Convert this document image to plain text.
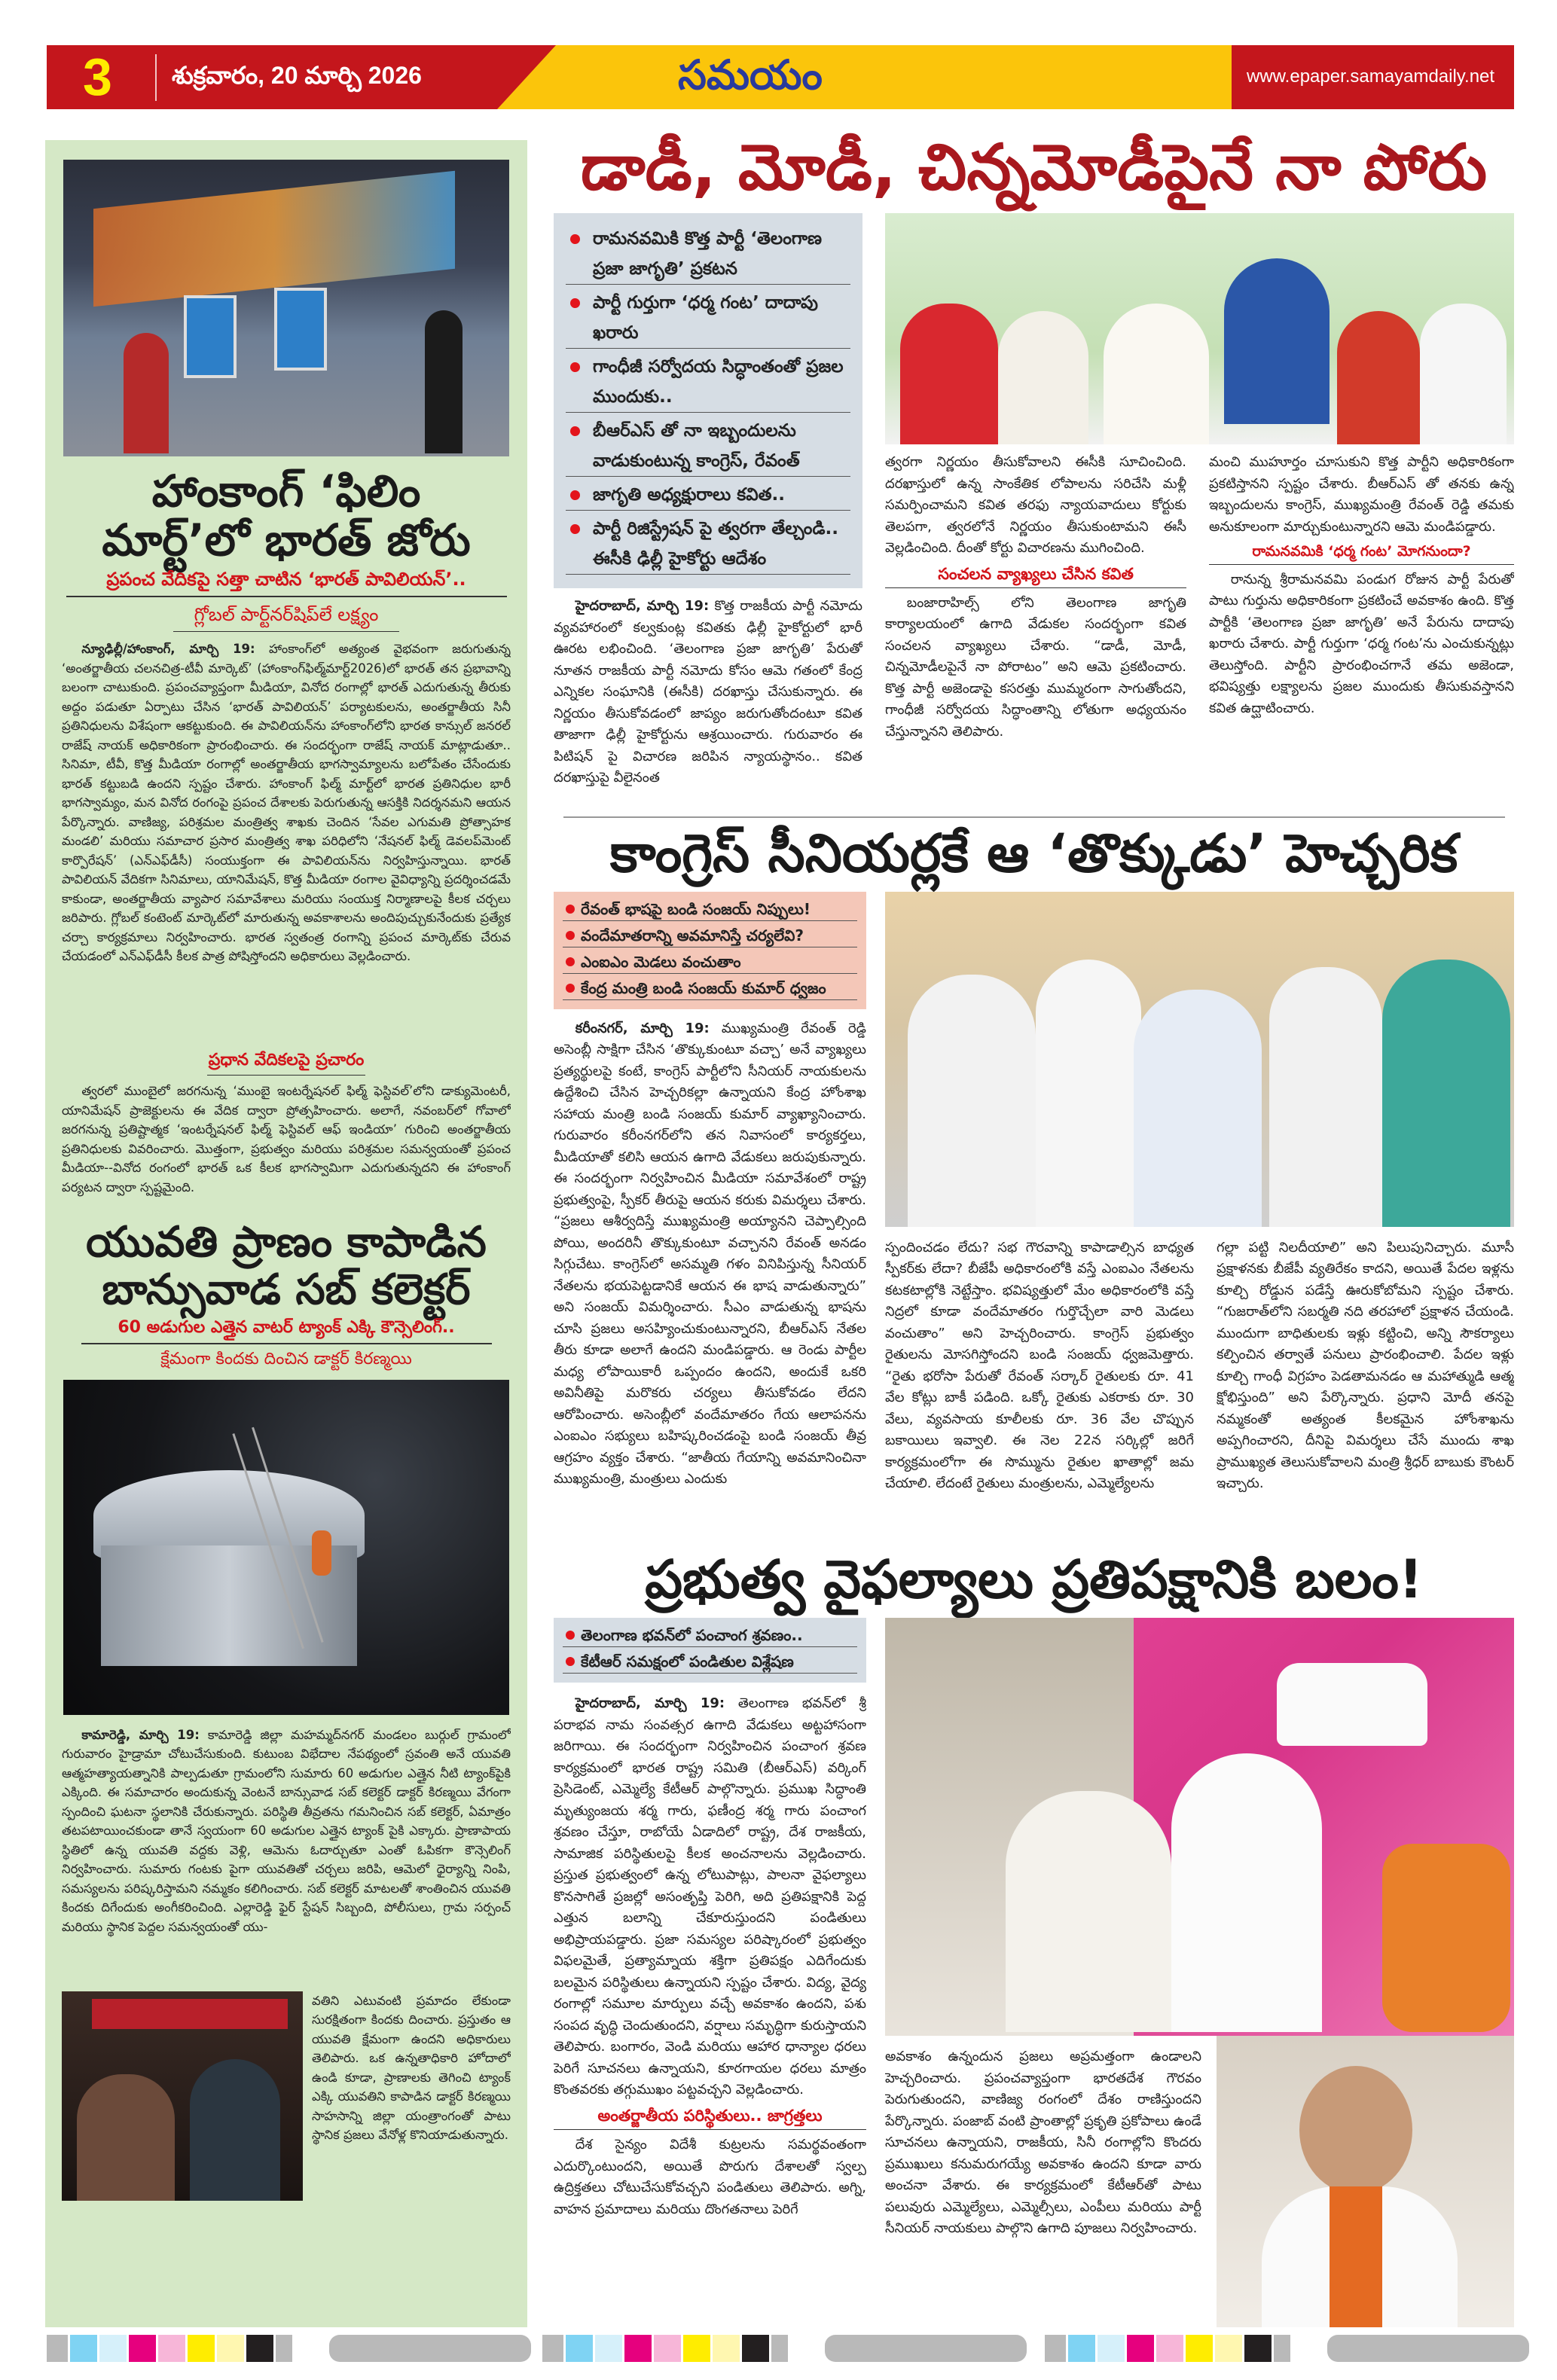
3 శుక్రవారం, 20 మార్చి 2026	సమయం	www.epaper.samayamdaily.net
హాంకాంగ్ ‘ఫిలిం
మార్ట్’లో భారత్ జోరు
ప్రపంచ వేదికపై సత్తా చాటిన ‘భారత్ పావిలియన్’..
గ్లోబల్ పార్ట్‌నర్‌షిప్‌లే లక్ష్యం

న్యూఢిల్లీ/హాంకాంగ్, మార్చి 19: హాంకాంగ్‌లో అత్యంత వైభవంగా జరుగుతున్న ‘అంతర్జాతీయ చలనచిత్ర-టీవీ మార్కెట్’ (హాంకాంగ్‌ఫిల్మ్‌మార్ట్2026)లో భారత్ తన ప్రభావాన్ని బలంగా చాటుకుంది. ప్రపంచవ్యాప్తంగా మీడియా, వినోద రంగాల్లో భారత్ ఎదుగుతున్న తీరుకు అద్దం పడుతూ ఏర్పాటు చేసిన ‘భారత్ పావిలియన్’ పర్యాటకులను, అంతర్జాతీయ సినీ ప్రతినిధులను విశేషంగా ఆకట్టుకుంది. ఈ పావిలియన్‌ను హాంకాంగ్‌లోని భారత కాన్సుల్ జనరల్ రాజేష్ నాయక్ అధికారికంగా ప్రారంభించారు. ఈ సందర్భంగా రాజేష్ నాయక్ మాట్లాడుతూ.. సినిమా, టీవీ, కొత్త మీడియా రంగాల్లో అంతర్జాతీయ భాగస్వామ్యాలను బలోపేతం చేసేందుకు భారత్ కట్టుబడి ఉందని స్పష్టం చేశారు. హాంకాంగ్ ఫిల్మ్ మార్ట్‌లో భారత ప్రతినిధుల భారీ భాగస్వామ్యం, మన వినోద రంగంపై ప్రపంచ దేశాలకు పెరుగుతున్న ఆసక్తికి నిదర్శనమని ఆయన పేర్కొన్నారు. వాణిజ్య, పరిశ్రమల మంత్రిత్వ శాఖకు చెందిన ‘సేవల ఎగుమతి ప్రోత్సాహక మండలి’ మరియు సమాచార ప్రసార మంత్రిత్వ శాఖ పరిధిలోని ‘నేషనల్ ఫిల్మ్ డెవలప్‌మెంట్ కార్పొరేషన్’ (ఎన్ఎఫ్‌డీసీ) సంయుక్తంగా ఈ పావిలియన్‌ను నిర్వహిస్తున్నాయి. భారత్ పావిలియన్ వేదికగా సినిమాలు, యానిమేషన్, కొత్త మీడియా రంగాల వైవిధ్యాన్ని ప్రదర్శించడమే కాకుండా, అంతర్జాతీయ వ్యాపార సమావేశాలు మరియు సంయుక్త నిర్మాణాలపై కీలక చర్చలు జరిపారు. గ్లోబల్ కంటెంట్ మార్కెట్‌లో మారుతున్న అవకాశాలను అందిపుచ్చుకునేందుకు ప్రత్యేక చర్చా కార్యక్రమాలు నిర్వహించారు. భారత స్వతంత్ర రంగాన్ని ప్రపంచ మార్కెట్‌కు చేరువ చేయడంలో ఎన్ఎఫ్‌డీసీ కీలక పాత్ర పోషిస్తోందని అధికారులు వెల్లడించారు.

ప్రధాన వేదికలపై ప్రచారం

త్వరలో ముంబైలో జరగనున్న ‘ముంబై ఇంటర్నేషనల్ ఫిల్మ్ ఫెస్టివల్’లోని డాక్యుమెంటరీ, యానిమేషన్ ప్రాజెక్టులను ఈ వేదిక ద్వారా ప్రోత్సహించారు. అలాగే, నవంబర్‌లో గోవాలో జరగనున్న ప్రతిష్టాత్మక ‘ఇంటర్నేషనల్ ఫిల్మ్ ఫెస్టివల్ ఆఫ్ ఇండియా’ గురించి అంతర్జాతీయ ప్రతినిధులకు వివరించారు. మొత్తంగా, ప్రభుత్వం మరియు పరిశ్రమల సమన్వయంతో ప్రపంచ మీడియా--వినోద రంగంలో భారత్ ఒక కీలక భాగస్వామిగా ఎదుగుతున్నదని ఈ హాంకాంగ్ పర్యటన ద్వారా స్పష్టమైంది.

యువతి ప్రాణం కాపాడిన
బాన్సువాడ సబ్ కలెక్టర్
60 అడుగుల ఎత్తైన వాటర్ ట్యాంక్ ఎక్కి కౌన్సెలింగ్..
క్షేమంగా కిందకు దించిన డాక్టర్ కిరణ్మయి

కామారెడ్డి, మార్చి 19: కామారెడ్డి జిల్లా మహమ్మద్‌నగర్ మండలం బుర్గుల్ గ్రామంలో గురువారం హైడ్రామా చోటుచేసుకుంది. కుటుంబ విభేదాల నేపథ్యంలో స్రవంతి అనే యువతి ఆత్మహత్యాయత్నానికి పాల్పడుతూ గ్రామంలోని సుమారు 60 అడుగుల ఎత్తైన నీటి ట్యాంక్‌పైకి ఎక్కింది. ఈ సమాచారం అందుకున్న వెంటనే బాన్సువాడ సబ్ కలెక్టర్ డాక్టర్ కిరణ్మయి వేగంగా స్పందించి ఘటనా స్థలానికి చేరుకున్నారు. పరిస్థితి తీవ్రతను గమనించిన సబ్ కలెక్టర్, ఏమాత్రం తటపటాయించకుండా తానే స్వయంగా 60 అడుగుల ఎత్తైన ట్యాంక్ పైకి ఎక్కారు. ప్రాణాపాయ స్థితిలో ఉన్న యువతి వద్దకు వెళ్లి, ఆమెను ఓదార్చుతూ ఎంతో ఓపికగా కౌన్సెలింగ్ నిర్వహించారు. సుమారు గంటకు పైగా యువతితో చర్చలు జరిపి, ఆమెలో ధైర్యాన్ని నింపి, సమస్యలను పరిష్కరిస్తామని నమ్మకం కలిగించారు. సబ్ కలెక్టర్ మాటలతో శాంతించిన యువతి కిందకు దిగేందుకు అంగీకరించింది. ఎల్లారెడ్డి ఫైర్ స్టేషన్ సిబ్బంది, పోలీసులు, గ్రామ సర్పంచ్ మరియు స్థానిక పెద్దల సమన్వయంతో యు-

వతిని ఎటువంటి ప్రమాదం లేకుండా సురక్షితంగా కిందకు దించారు. ప్రస్తుతం ఆ యువతి క్షేమంగా ఉందని అధికారులు తెలిపారు. ఒక ఉన్నతాధికారి హోదాలో ఉండి కూడా, ప్రాణాలకు తెగించి ట్యాంక్ ఎక్కి యువతిని కాపాడిన డాక్టర్ కిరణ్మయి సాహసాన్ని జిల్లా యంత్రాంగంతో పాటు స్థానిక ప్రజలు వేనోళ్ల కొనియాడుతున్నారు.

డాడీ, మోడీ, చిన్నమోడీపైనే నా పోరు
రామనవమికి కొత్త పార్టీ ‘తెలంగాణ ప్రజా జాగృతి’ ప్రకటన
పార్టీ గుర్తుగా ‘ధర్మ గంట’ దాదాపు ఖరారు
గాంధీజీ సర్వోదయ సిద్ధాంతంతో ప్రజల ముందుకు..
బీఆర్ఎస్ తో నా ఇబ్బందులను వాడుకుంటున్న కాంగ్రెస్, రేవంత్
జాగృతి అధ్యక్షురాలు కవిత..
పార్టీ రిజిస్ట్రేషన్ పై త్వరగా తేల్చండి.. ఈసీకి ఢిల్లీ హైకోర్టు ఆదేశం

హైదరాబాద్, మార్చి 19: కొత్త రాజకీయ పార్టీ నమోదు వ్యవహారంలో కల్వకుంట్ల కవితకు ఢిల్లీ హైకోర్టులో భారీ ఊరట లభించింది. ‘తెలంగాణ ప్రజా జాగృతి’ పేరుతో నూతన రాజకీయ పార్టీ నమోదు కోసం ఆమె గతంలో కేంద్ర ఎన్నికల సంఘానికి (ఈసీకి) దరఖాస్తు చేసుకున్నారు. ఈ నిర్ణయం తీసుకోవడంలో జాప్యం జరుగుతోందంటూ కవిత తాజాగా ఢిల్లీ హైకోర్టును ఆశ్రయించారు. గురువారం ఈ పిటిషన్ పై విచారణ జరిపిన న్యాయస్థానం.. కవిత దరఖాస్తుపై వీలైనంత

త్వరగా నిర్ణయం తీసుకోవాలని ఈసీకి సూచించింది. దరఖాస్తులో ఉన్న సాంకేతిక లోపాలను సరిచేసి మళ్లీ సమర్పించామని కవిత తరఫు న్యాయవాదులు కోర్టుకు తెలపగా, త్వరలోనే నిర్ణయం తీసుకుంటామని ఈసీ వెల్లడించింది. దీంతో కోర్టు విచారణను ముగించింది.

సంచలన వ్యాఖ్యలు చేసిన కవిత

బంజారాహిల్స్ లోని తెలంగాణ జాగృతి కార్యాలయంలో ఉగాది వేడుకల సందర్భంగా కవిత సంచలన వ్యాఖ్యలు చేశారు. “డాడీ, మోడీ, చిన్నమోడీలపైనే నా పోరాటం” అని ఆమె ప్రకటించారు. కొత్త పార్టీ అజెండాపై కసరత్తు ముమ్మరంగా సాగుతోందని, గాంధీజీ సర్వోదయ సిద్ధాంతాన్ని లోతుగా అధ్యయనం చేస్తున్నానని తెలిపారు.

మంచి ముహూర్తం చూసుకుని కొత్త పార్టీని అధికారికంగా ప్రకటిస్తానని స్పష్టం చేశారు. బీఆర్ఎస్ తో తనకు ఉన్న ఇబ్బందులను కాంగ్రెస్, ముఖ్యమంత్రి రేవంత్ రెడ్డి తమకు అనుకూలంగా మార్చుకుంటున్నారని ఆమె మండిపడ్డారు.

రామనవమికి ‘ధర్మ గంట’ మోగనుందా?

రానున్న శ్రీరామనవమి పండుగ రోజున పార్టీ పేరుతో పాటు గుర్తును అధికారికంగా ప్రకటించే అవకాశం ఉంది. కొత్త పార్టీకి ‘తెలంగాణ ప్రజా జాగృతి’ అనే పేరును దాదాపు ఖరారు చేశారు. పార్టీ గుర్తుగా ‘ధర్మ గంట’ను ఎంచుకున్నట్లు తెలుస్తోంది. పార్టీని ప్రారంభించగానే తమ అజెండా, భవిష్యత్తు లక్ష్యాలను ప్రజల ముందుకు తీసుకువస్తానని కవిత ఉద్ఘాటించారు.

కాంగ్రెస్ సీనియర్లకే ఆ ‘తొక్కుడు’ హెచ్చరిక
రేవంత్ భాషపై బండి సంజయ్ నిప్పులు!
వందేమాతరాన్ని అవమానిస్తే చర్యలేవి?
ఎంఐఎం మెడలు వంచుతాం
కేంద్ర మంత్రి బండి సంజయ్ కుమార్ ధ్వజం

కరీంనగర్, మార్చి 19: ముఖ్యమంత్రి రేవంత్ రెడ్డి అసెంబ్లీ సాక్షిగా చేసిన ‘తొక్కుకుంటూ వచ్చా’ అనే వ్యాఖ్యలు ప్రత్యర్థులపై కంటే, కాంగ్రెస్ పార్టీలోని సీనియర్ నాయకులను ఉద్దేశించి చేసిన హెచ్చరికల్లా ఉన్నాయని కేంద్ర హోంశాఖ సహాయ మంత్రి బండి సంజయ్ కుమార్ వ్యాఖ్యానించారు. గురువారం కరీంనగర్‌లోని తన నివాసంలో కార్యకర్తలు, మీడియాతో కలిసి ఆయన ఉగాది వేడుకలు జరుపుకున్నారు. ఈ సందర్భంగా నిర్వహించిన మీడియా సమావేశంలో రాష్ట్ర ప్రభుత్వంపై, స్పీకర్ తీరుపై ఆయన కరుకు విమర్శలు చేశారు. “ప్రజలు ఆశీర్వదిస్తే ముఖ్యమంత్రి అయ్యానని చెప్పాల్సింది పోయి, అందరినీ తొక్కుకుంటూ వచ్చానని రేవంత్ అనడం సిగ్గుచేటు. కాంగ్రెస్‌లో అసమ్మతి గళం వినిపిస్తున్న సీనియర్ నేతలను భయపెట్టడానికే ఆయన ఈ భాష వాడుతున్నారు” అని సంజయ్ విమర్శించారు. సీఎం వాడుతున్న భాషను చూసి ప్రజలు అసహ్యించుకుంటున్నారని, బీఆర్ఎస్ నేతల తీరు కూడా అలాగే ఉందని మండిపడ్డారు. ఆ రెండు పార్టీల మధ్య లోపాయికారీ ఒప్పందం ఉందని, అందుకే ఒకరి అవినీతిపై మరొకరు చర్యలు తీసుకోవడం లేదని ఆరోపించారు. అసెంబ్లీలో వందేమాతరం గేయ ఆలాపనను ఎంఐఎం సభ్యులు బహిష్కరించడంపై బండి సంజయ్ తీవ్ర ఆగ్రహం వ్యక్తం చేశారు. “జాతీయ గేయాన్ని అవమానించినా ముఖ్యమంత్రి, మంత్రులు ఎందుకు

స్పందించడం లేదు? సభ గౌరవాన్ని కాపాడాల్సిన బాధ్యత స్పీకర్‌కు లేదా? బీజేపీ అధికారంలోకి వస్తే ఎంఐఎం నేతలను కటకటాల్లోకి నెట్టేస్తాం. భవిష్యత్తులో మేం అధికారంలోకి వస్తే నిద్రలో కూడా వందేమాతరం గుర్తొచ్చేలా వారి మెడలు వంచుతాం” అని హెచ్చరించారు. కాంగ్రెస్ ప్రభుత్వం రైతులను మోసగిస్తోందని బండి సంజయ్ ధ్వజమెత్తారు. “రైతు భరోసా పేరుతో రేవంత్ సర్కార్ రైతులకు రూ. 41 వేల కోట్లు బాకీ పడింది. ఒక్కో రైతుకు ఎకరాకు రూ. 30 వేలు, వ్యవసాయ కూలీలకు రూ. 36 వేల చొప్పున బకాయిలు ఇవ్వాలి. ఈ నెల 22న సర్కిల్లో జరిగే కార్యక్రమంలోగా ఈ సొమ్మును రైతుల ఖాతాల్లో జమ చేయాలి. లేదంటే రైతులు మంత్రులను, ఎమ్మెల్యేలను

గల్లా పట్టి నిలదీయాలి” అని పిలుపునిచ్చారు. మూసీ ప్రక్షాళనకు బీజేపీ వ్యతిరేకం కాదని, అయితే పేదల ఇళ్లను కూల్చి రోడ్డున పడేస్తే ఊరుకోబోమని స్పష్టం చేశారు. “గుజరాత్‌లోని సబర్మతి నది తరహాలో ప్రక్షాళన చేయండి. ముందుగా బాధితులకు ఇళ్లు కట్టించి, అన్ని సౌకర్యాలు కల్పించిన తర్వాతే పనులు ప్రారంభించాలి. పేదల ఇళ్లు కూల్చి గాంధీ విగ్రహం పెడతామనడం ఆ మహాత్ముడి ఆత్మ క్షోభిస్తుంది” అని పేర్కొన్నారు. ప్రధాని మోదీ తనపై నమ్మకంతో అత్యంత కీలకమైన హోంశాఖను అప్పగించారని, దీనిపై విమర్శలు చేసే ముందు శాఖ ప్రాముఖ్యత తెలుసుకోవాలని మంత్రి శ్రీధర్ బాబుకు కౌంటర్ ఇచ్చారు.

ప్రభుత్వ వైఫల్యాలు ప్రతిపక్షానికి బలం!
తెలంగాణ భవన్‌లో పంచాంగ శ్రవణం..
కేటీఆర్ సమక్షంలో పండితుల విశ్లేషణ

హైదరాబాద్, మార్చి 19: తెలంగాణ భవన్‌లో శ్రీ పరాభవ నామ సంవత్సర ఉగాది వేడుకలు అట్టహాసంగా జరిగాయి. ఈ సందర్భంగా నిర్వహించిన పంచాంగ శ్రవణ కార్యక్రమంలో భారత రాష్ట్ర సమితి (బీఆర్ఎస్) వర్కింగ్ ప్రెసిడెంట్, ఎమ్మెల్యే కేటీఆర్ పాల్గొన్నారు. ప్రముఖ సిద్ధాంతి మృత్యుంజయ శర్మ గారు, ఫణీంద్ర శర్మ గారు పంచాంగ శ్రవణం చేస్తూ, రాబోయే ఏడాదిలో రాష్ట్ర, దేశ రాజకీయ, సామాజిక పరిస్థితులపై కీలక అంచనాలను వెల్లడించారు. ప్రస్తుత ప్రభుత్వంలో ఉన్న లోటుపాట్లు, పాలనా వైఫల్యాలు కొనసాగితే ప్రజల్లో అసంతృప్తి పెరిగి, అది ప్రతిపక్షానికి పెద్ద ఎత్తున బలాన్ని చేకూరుస్తుందని పండితులు అభిప్రాయపడ్డారు. ప్రజా సమస్యల పరిష్కారంలో ప్రభుత్వం విఫలమైతే, ప్రత్యామ్నాయ శక్తిగా ప్రతిపక్షం ఎదిగేందుకు బలమైన పరిస్థితులు ఉన్నాయని స్పష్టం చేశారు. విద్య, వైద్య రంగాల్లో సమూల మార్పులు వచ్చే అవకాశం ఉందని, పశు సంపద వృద్ధి చెందుతుందని, వర్షాలు సమృద్ధిగా కురుస్తాయని తెలిపారు. బంగారం, వెండి మరియు ఆహార ధాన్యాల ధరలు పెరిగే సూచనలు ఉన్నాయని, కూరగాయల ధరలు మాత్రం కొంతవరకు తగ్గుముఖం పట్టవచ్చని వెల్లడించారు.

అంతర్జాతీయ పరిస్థితులు.. జాగ్రత్తలు

దేశ సైన్యం విదేశీ కుట్రలను సమర్థవంతంగా ఎదుర్కొంటుందని, అయితే పొరుగు దేశాలతో స్వల్ప ఉద్రిక్తతలు చోటుచేసుకోవచ్చని పండితులు తెలిపారు. అగ్ని, వాహన ప్రమాదాలు మరియు దొంగతనాలు పెరిగే

అవకాశం ఉన్నందున ప్రజలు అప్రమత్తంగా ఉండాలని హెచ్చరించారు. ప్రపంచవ్యాప్తంగా భారతదేశ గౌరవం పెరుగుతుందని, వాణిజ్య రంగంలో దేశం రాణిస్తుందని పేర్కొన్నారు. పంజాబ్ వంటి ప్రాంతాల్లో ప్రకృతి ప్రకోపాలు ఉండే సూచనలు ఉన్నాయని, రాజకీయ, సినీ రంగాల్లోని కొందరు ప్రముఖులు కనుమరుగయ్యే అవకాశం ఉందని కూడా వారు అంచనా వేశారు. ఈ కార్యక్రమంలో కేటీఆర్‌తో పాటు పలువురు ఎమ్మెల్యేలు, ఎమ్మెల్సీలు, ఎంపీలు మరియు పార్టీ సీనియర్ నాయకులు పాల్గొని ఉగాది పూజలు నిర్వహించారు.
